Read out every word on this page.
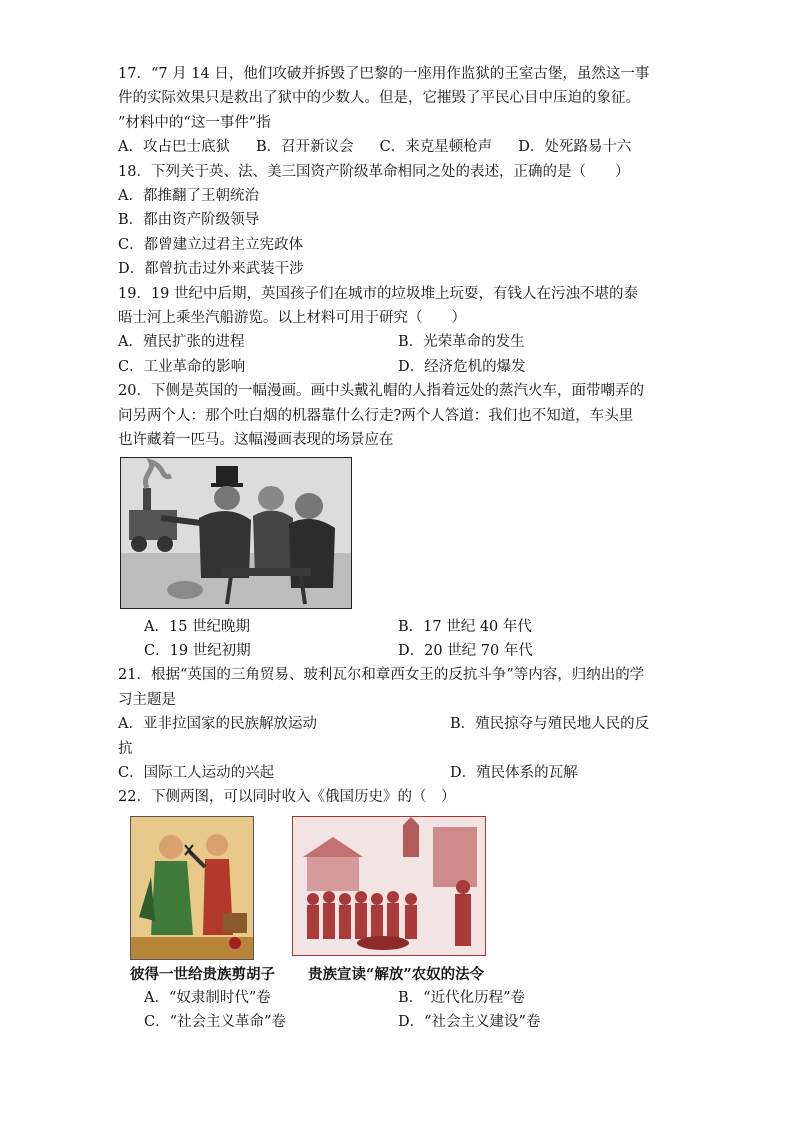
17．“7 月 14 日，他们攻破并拆毁了巴黎的一座用作监狱的王室古堡，虽然这一事
件的实际效果只是救出了狱中的少数人。但是，它摧毁了平民心目中压迫的象征。
”材料中的“这一事件”指
A．攻占巴士底狱 B．召开新议会 C．来克星顿枪声 D．处死路易十六
18．下列关于英、法、美三国资产阶级革命相同之处的表述，正确的是（　　）
A．都推翻了王朝统治
B．都由资产阶级领导
C．都曾建立过君主立宪政体
D．都曾抗击过外来武装干涉
19．19 世纪中后期，英国孩子们在城市的垃圾堆上玩耍，有钱人在污浊不堪的泰
晤士河上乘坐汽船游览。以上材料可用于研究（　　）
A．殖民扩张的进程	B．光荣革命的发生
C．工业革命的影响	D．经济危机的爆发
20．下侧是英国的一幅漫画。画中头戴礼帽的人指着远处的蒸汽火车，面带嘲弄的
问另两个人：那个吐白烟的机器靠什么行走?两个人答道：我们也不知道，车头里
也许藏着一匹马。这幅漫画表现的场景应在
A．15 世纪晚期	B．17 世纪 40 年代
C．19 世纪初期	D．20 世纪 70 年代
21．根据“英国的三角贸易、玻利瓦尔和章西女王的反抗斗争”等内容，归纳出的学
习主题是
A．亚非拉国家的民族解放运动	B．殖民掠夺与殖民地人民的反
抗
C．国际工人运动的兴起	D．殖民体系的瓦解
22．下侧两图，可以同时收入《俄国历史》的（　）
彼得一世给贵族剪胡子	贵族宣读“解放”农奴的法令
A．“奴隶制时代”卷	B．“近代化历程”卷
C．“社会主义革命”卷	D．“社会主义建设”卷
